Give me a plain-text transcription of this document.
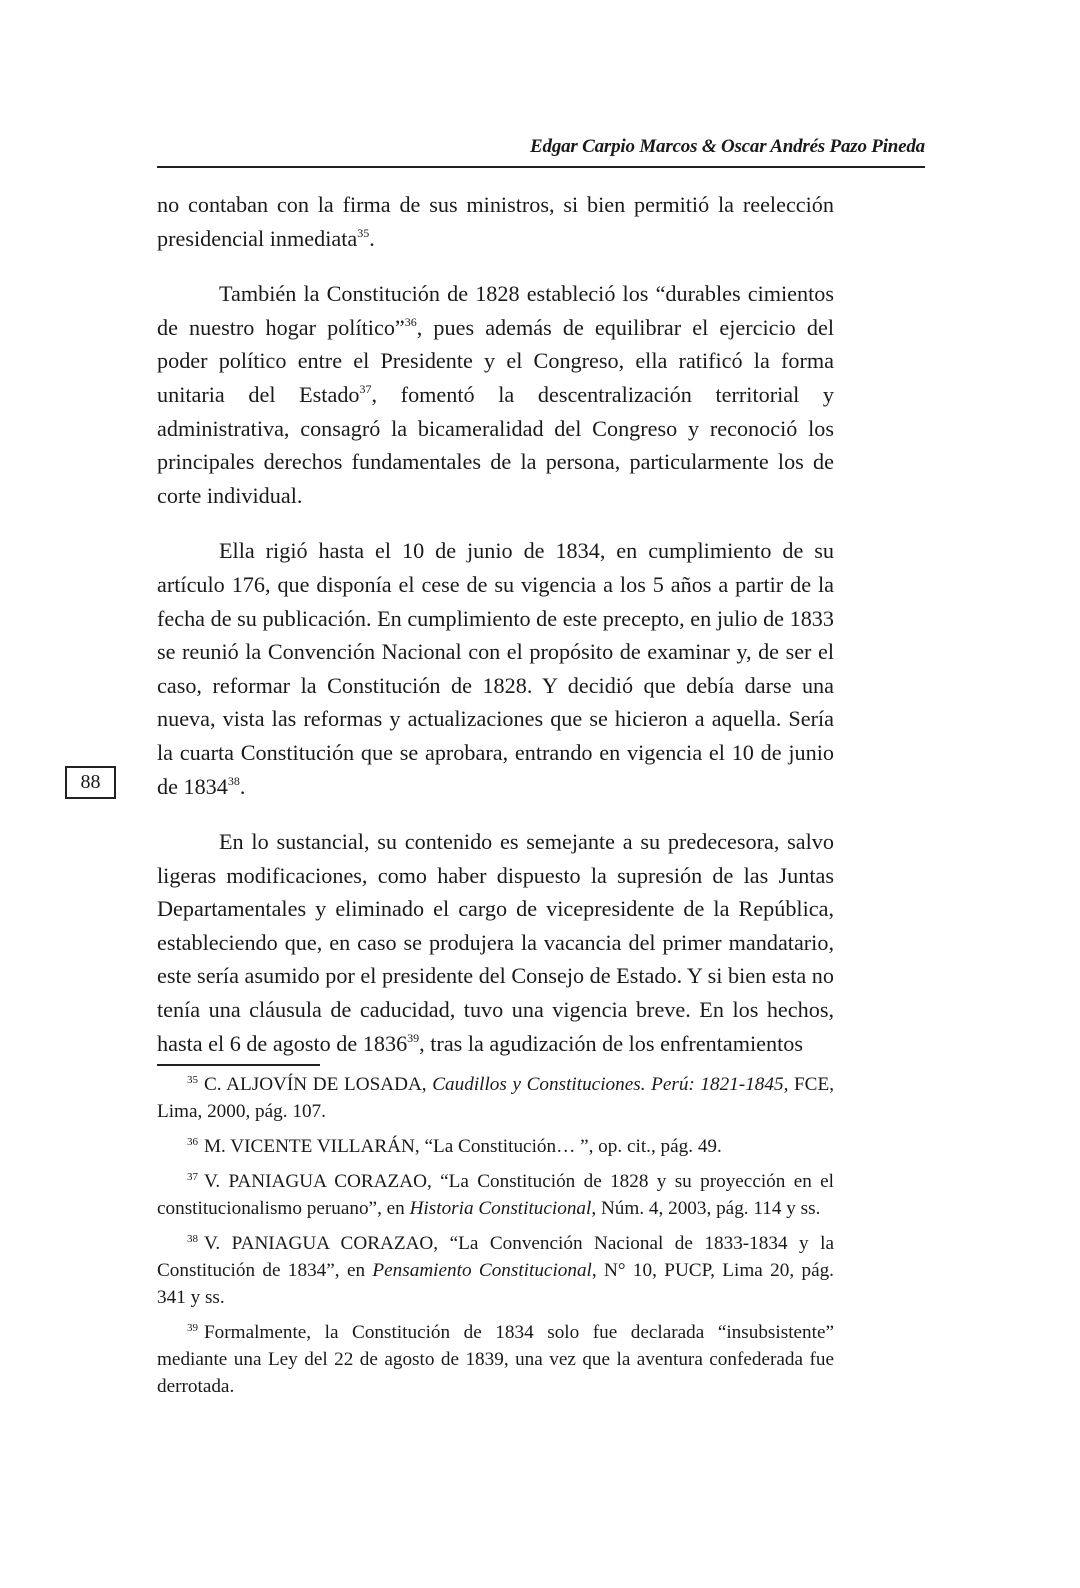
Edgar Carpio Marcos & Oscar Andrés Pazo Pineda

no contaban con la firma de sus ministros, si bien permitió la reelección presidencial inmediata$^{35}$.

También la Constitución de 1828 estableció los “durables cimientos de nuestro hogar político”$^{36}$, pues además de equilibrar el ejercicio del poder político entre el Presidente y el Congreso, ella ratificó la forma unitaria del Estado$^{37}$, fomentó la descentralización territorial y administrativa, consagró la bicameralidad del Congreso y reconoció los principales derechos fundamentales de la persona, particularmente los de corte individual.

Ella rigió hasta el 10 de junio de 1834, en cumplimiento de su artículo 176, que disponía el cese de su vigencia a los 5 años a partir de la fecha de su publicación. En cumplimiento de este precepto, en julio de 1833 se reunió la Convención Nacional con el propósito de examinar y, de ser el caso, reformar la Constitución de 1828. Y decidió que debía darse una nueva, vista las reformas y actualizaciones que se hicieron a aquella. Sería la cuarta Constitución que se aprobara, entrando en vigencia el 10 de junio de 1834$^{38}$.

En lo sustancial, su contenido es semejante a su predecesora, salvo ligeras modificaciones, como haber dispuesto la supresión de las Juntas Departamentales y eliminado el cargo de vicepresidente de la República, estableciendo que, en caso se produjera la vacancia del primer mandatario, este sería asumido por el presidente del Consejo de Estado. Y si bien esta no tenía una cláusula de caducidad, tuvo una vigencia breve. En los hechos, hasta el 6 de agosto de 1836$^{39}$, tras la agudización de los enfrentamientos

88

$^{35}$ C. ALJOVÍN DE LOSADA, Caudillos y Constituciones. Perú: 1821-1845, FCE, Lima, 2000, pág. 107.

$^{36}$ M. VICENTE VILLARÁN, “La Constitución… ”, op. cit., pág. 49.

$^{37}$ V. PANIAGUA CORAZAO, “La Constitución de 1828 y su proyección en el constitucionalismo peruano”, en Historia Constitucional, Núm. 4, 2003, pág. 114 y ss.

$^{38}$ V. PANIAGUA CORAZAO, “La Convención Nacional de 1833-1834 y la Constitución de 1834”, en Pensamiento Constitucional, N° 10, PUCP, Lima 20, pág. 341 y ss.

$^{39}$ Formalmente, la Constitución de 1834 solo fue declarada “insubsistente” mediante una Ley del 22 de agosto de 1839, una vez que la aventura confederada fue derrotada.
